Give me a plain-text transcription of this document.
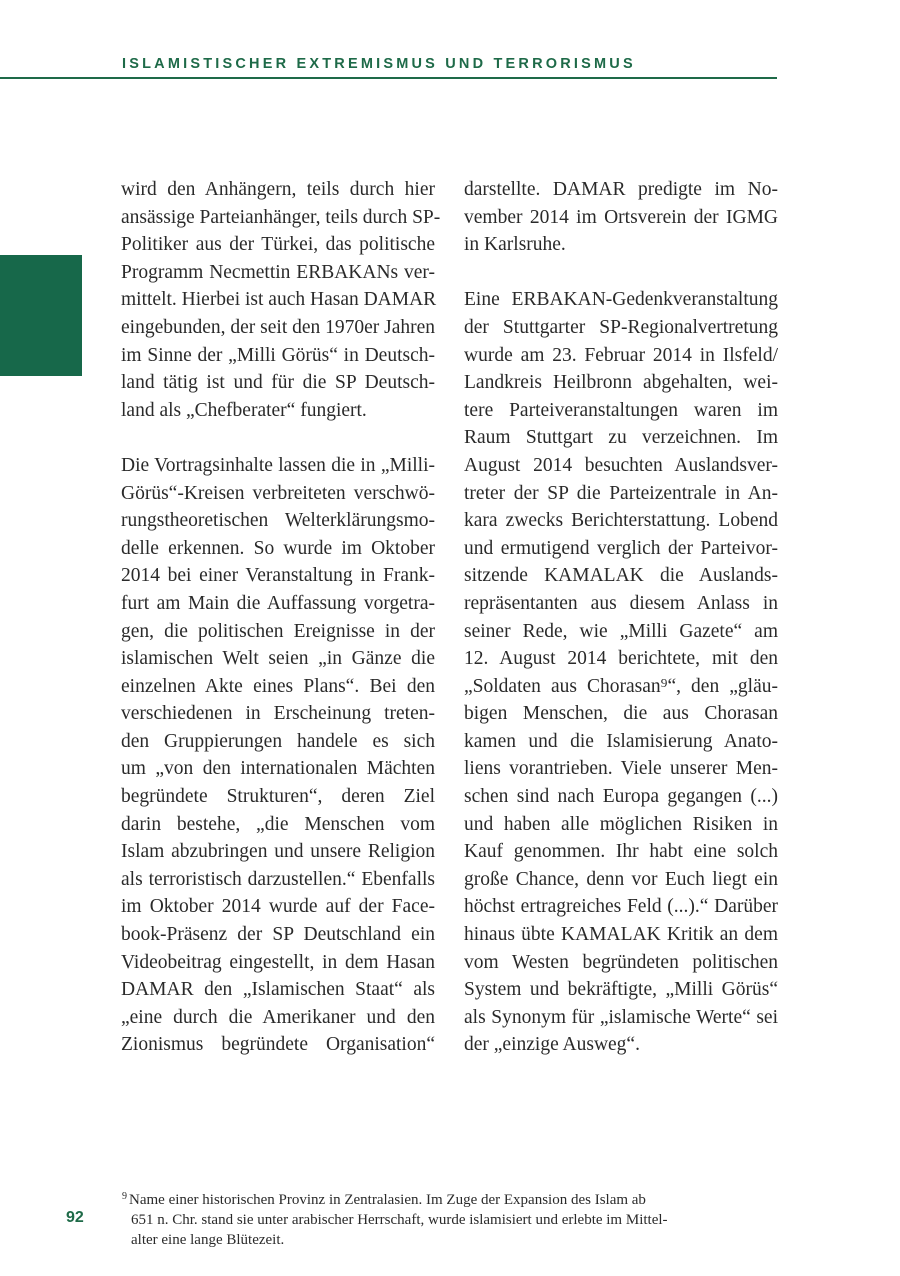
ISLAMISTISCHER EXTREMISMUS UND TERRORISMUS

wird den Anhängern, teils durch hier
ansässige Parteianhänger, teils durch SP-
Politiker aus der Türkei, das politische
Programm Necmettin ERBAKANs ver-
mittelt. Hierbei ist auch Hasan DAMAR
eingebunden, der seit den 1970er Jahren
im Sinne der „Milli Görüs“ in Deutsch-
land tätig ist und für die SP Deutsch-
land als „Chefberater“ fungiert.

Die Vortragsinhalte lassen die in „Milli-
Görüs“-Kreisen verbreiteten verschwö-
rungstheoretischen Welterklärungsmo-
delle erkennen. So wurde im Oktober
2014 bei einer Veranstaltung in Frank-
furt am Main die Auffassung vorgetra-
gen, die politischen Ereignisse in der
islamischen Welt seien „in Gänze die
einzelnen Akte eines Plans“. Bei den
verschiedenen in Erscheinung treten-
den Gruppierungen handele es sich
um „von den internationalen Mächten
begründete Strukturen“, deren Ziel
darin bestehe, „die Menschen vom
Islam abzubringen und unsere Religion
als terroristisch darzustellen.“ Ebenfalls
im Oktober 2014 wurde auf der Face-
book-Präsenz der SP Deutschland ein
Videobeitrag eingestellt, in dem Hasan
DAMAR den „Islamischen Staat“ als
„eine durch die Amerikaner und den
Zionismus begründete Organisation“

darstellte. DAMAR predigte im No-
vember 2014 im Ortsverein der IGMG
in Karlsruhe.

Eine ERBAKAN-Gedenkveranstaltung
der Stuttgarter SP-Regionalvertretung
wurde am 23. Februar 2014 in Ilsfeld/
Landkreis Heilbronn abgehalten, wei-
tere Parteiveranstaltungen waren im
Raum Stuttgart zu verzeichnen. Im
August 2014 besuchten Auslandsver-
treter der SP die Parteizentrale in An-
kara zwecks Berichterstattung. Lobend
und ermutigend verglich der Parteivor-
sitzende KAMALAK die Auslands-
repräsentanten aus diesem Anlass in
seiner Rede, wie „Milli Gazete“ am
12. August 2014 berichtete, mit den
„Soldaten aus Chorasan⁹“, den „gläu-
bigen Menschen, die aus Chorasan
kamen und die Islamisierung Anato-
liens vorantrieben. Viele unserer Men-
schen sind nach Europa gegangen (...)
und haben alle möglichen Risiken in
Kauf genommen. Ihr habt eine solch
große Chance, denn vor Euch liegt ein
höchst ertragreiches Feld (...).“ Darüber
hinaus übte KAMALAK Kritik an dem
vom Westen begründeten politischen
System und bekräftigte, „Milli Görüs“
als Synonym für „islamische Werte“ sei
der „einzige Ausweg“.

92
$^9$ Name einer historischen Provinz in Zentralasien. Im Zuge der Expansion des Islam ab
651 n. Chr. stand sie unter arabischer Herrschaft, wurde islamisiert und erlebte im Mittel-
alter eine lange Blütezeit.
